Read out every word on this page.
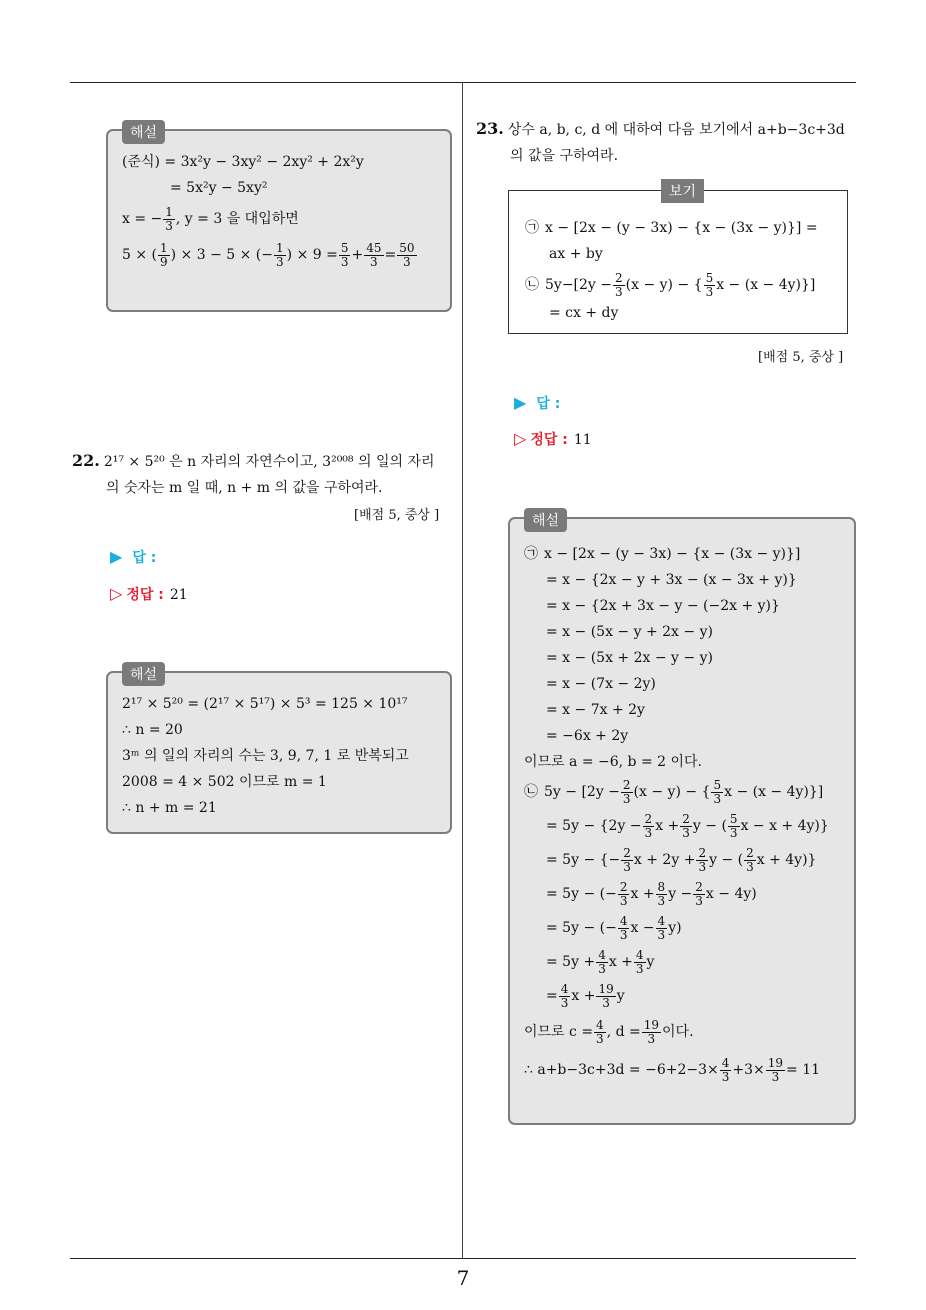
해설
(준식) = 3x²y − 3xy² − 2xy² + 2x²y
= 5x²y − 5xy²
x = − $\frac{1}{3}$ , y = 3 을 대입하면
5 × ( $\frac{1}{9}$ ) × 3 − 5 × (− $\frac{1}{3}$ ) × $9 = \frac{5}{3} + \frac{45}{3} = \frac{50}{3}$
22. 2¹⁷ × 5²⁰ 은 n 자리의 자연수이고, 3²⁰⁰⁸ 의 일의 자리
의 숫자는 m 일 때, n + m 의 값을 구하여라.
[배점 5, 중상 ]
▶ 답 :
▷ 정답 : 21
해설
2¹⁷ × 5²⁰ = (2¹⁷ × 5¹⁷) × 5³ = 125 × 10¹⁷
∴ n = 20
3ᵐ 의 일의 자리의 수는 3, 9, 7, 1 로 반복되고
2008 = 4 × 502 이므로 m = 1
∴ n + m = 21
23. 상수 a, b, c, d 에 대하여 다음 보기에서 a+b−3c+3d
의 값을 구하여라.
보기
㉠ x − [2x − (y − 3x) − {x − (3x − y)}] =
ax + by
㉡ $5y-[2y - \frac{2}{3} (x - y)$ − { $\frac{5}{3}$ x − (x − 4y)}]
= cx + dy
[배점 5, 중상 ]
▶ 답 :
▷ 정답 : 11
해설
㉠ x − [2x − (y − 3x) − {x − (3x − y)}]
= x − {2x − y + 3x − (x − 3x + y)}
= x − {2x + 3x − y − (−2x + y)}
= x − (5x − y + 2x − y)
= x − (5x + 2x − y − y)
= x − (7x − 2y)
= x − 7x + 2y
= −6x + 2y
이므로 a = −6, b = 2 이다.
㉡ $5y - [2y - \frac{2}{3} (x - y)$ − { $\frac{5}{3}$ x − (x − 4y)}]
= $5y - \{2y - \frac{2}{3}$ $x + \frac{2}{3}$ y − ( $\frac{5}{3}$ x − x + 4y)}
= 5y − {− $\frac{2}{3}$ $x + 2y + \frac{2}{3}$ y − ( $\frac{2}{3}$ x + 4y)}
= 5y − (− $\frac{2}{3}$ $x + \frac{8}{3}$ $y - \frac{2}{3}$ x − 4y)
= 5y − (− $\frac{4}{3}$ $x - \frac{4}{3} y$)
= $5y + \frac{4}{3}$ $x + \frac{4}{3}$ y
= $\frac{4}{3}$ $x + \frac{19}{3}$ y
이므로 $c = \frac{4}{3}$ , $d = \frac{19}{3}$ 이다.
∴ $a+b-3c+3d = -6+2-3\times \frac{4}{3} +3\times \frac{19}{3} = 11$
7
